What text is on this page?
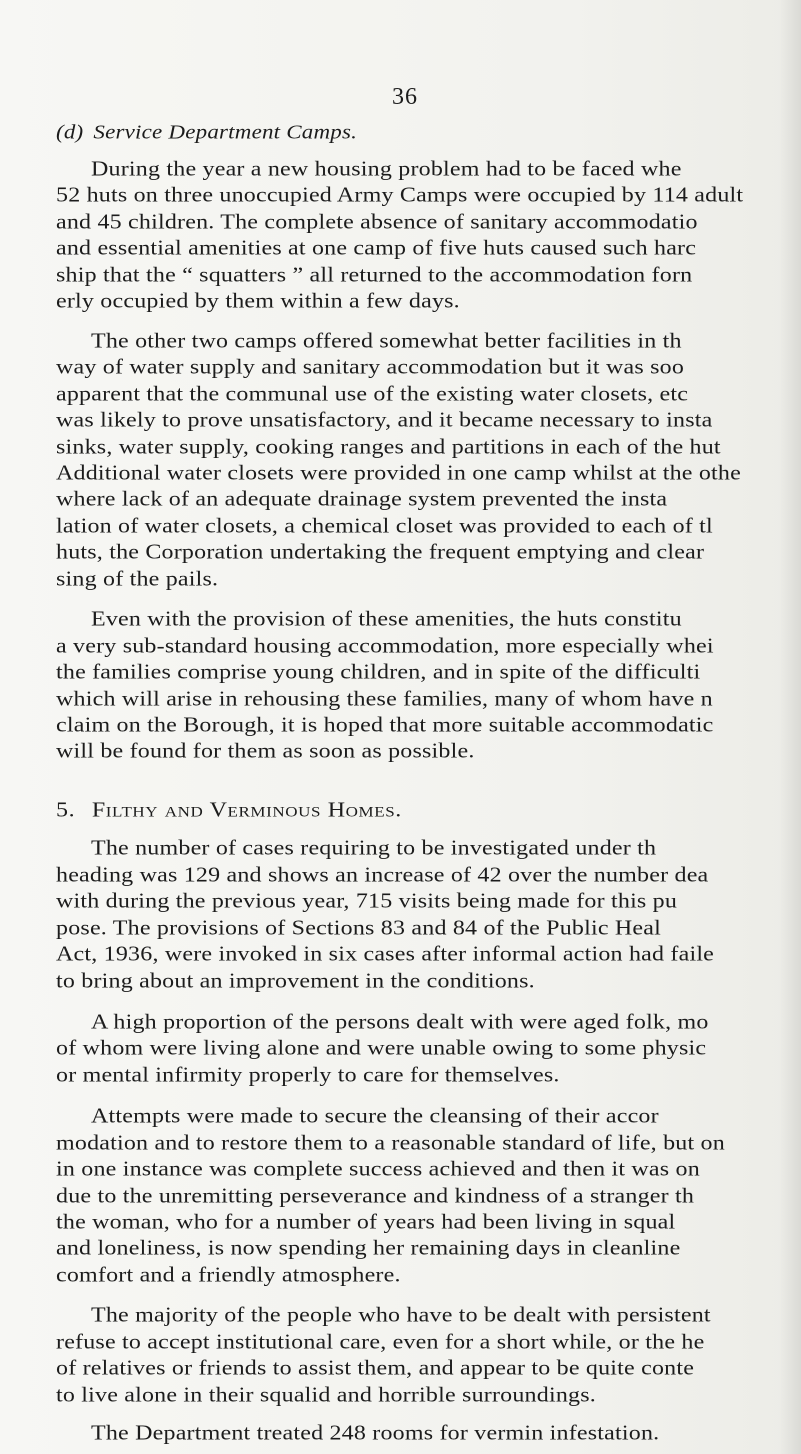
36
(d) Service Department Camps.
During the year a new housing problem had to be faced whe
52 huts on three unoccupied Army Camps were occupied by 114 adult
and 45 children. The complete absence of sanitary accommodatio
and essential amenities at one camp of five huts caused such harc
ship that the “ squatters ” all returned to the accommodation forn
erly occupied by them within a few days.
The other two camps offered somewhat better facilities in th
way of water supply and sanitary accommodation but it was soo
apparent that the communal use of the existing water closets, etc
was likely to prove unsatisfactory, and it became necessary to insta
sinks, water supply, cooking ranges and partitions in each of the hut
Additional water closets were provided in one camp whilst at the othe
where lack of an adequate drainage system prevented the insta
lation of water closets, a chemical closet was provided to each of tl
huts, the Corporation undertaking the frequent emptying and clear
sing of the pails.
Even with the provision of these amenities, the huts constitu
a very sub-standard housing accommodation, more especially whei
the families comprise young children, and in spite of the difficulti
which will arise in rehousing these families, many of whom have n
claim on the Borough, it is hoped that more suitable accommodatic
will be found for them as soon as possible.
5. Filthy and Verminous Homes.
The number of cases requiring to be investigated under th
heading was 129 and shows an increase of 42 over the number dea
with during the previous year, 715 visits being made for this pu
pose. The provisions of Sections 83 and 84 of the Public Heal
Act, 1936, were invoked in six cases after informal action had faile
to bring about an improvement in the conditions.
A high proportion of the persons dealt with were aged folk, mo
of whom were living alone and were unable owing to some physic
or mental infirmity properly to care for themselves.
Attempts were made to secure the cleansing of their accor
modation and to restore them to a reasonable standard of life, but on
in one instance was complete success achieved and then it was on
due to the unremitting perseverance and kindness of a stranger th
the woman, who for a number of years had been living in squal
and loneliness, is now spending her remaining days in cleanline
comfort and a friendly atmosphere.
The majority of the people who have to be dealt with persistent
refuse to accept institutional care, even for a short while, or the he
of relatives or friends to assist them, and appear to be quite conte
to live alone in their squalid and horrible surroundings.
The Department treated 248 rooms for vermin infestation.
